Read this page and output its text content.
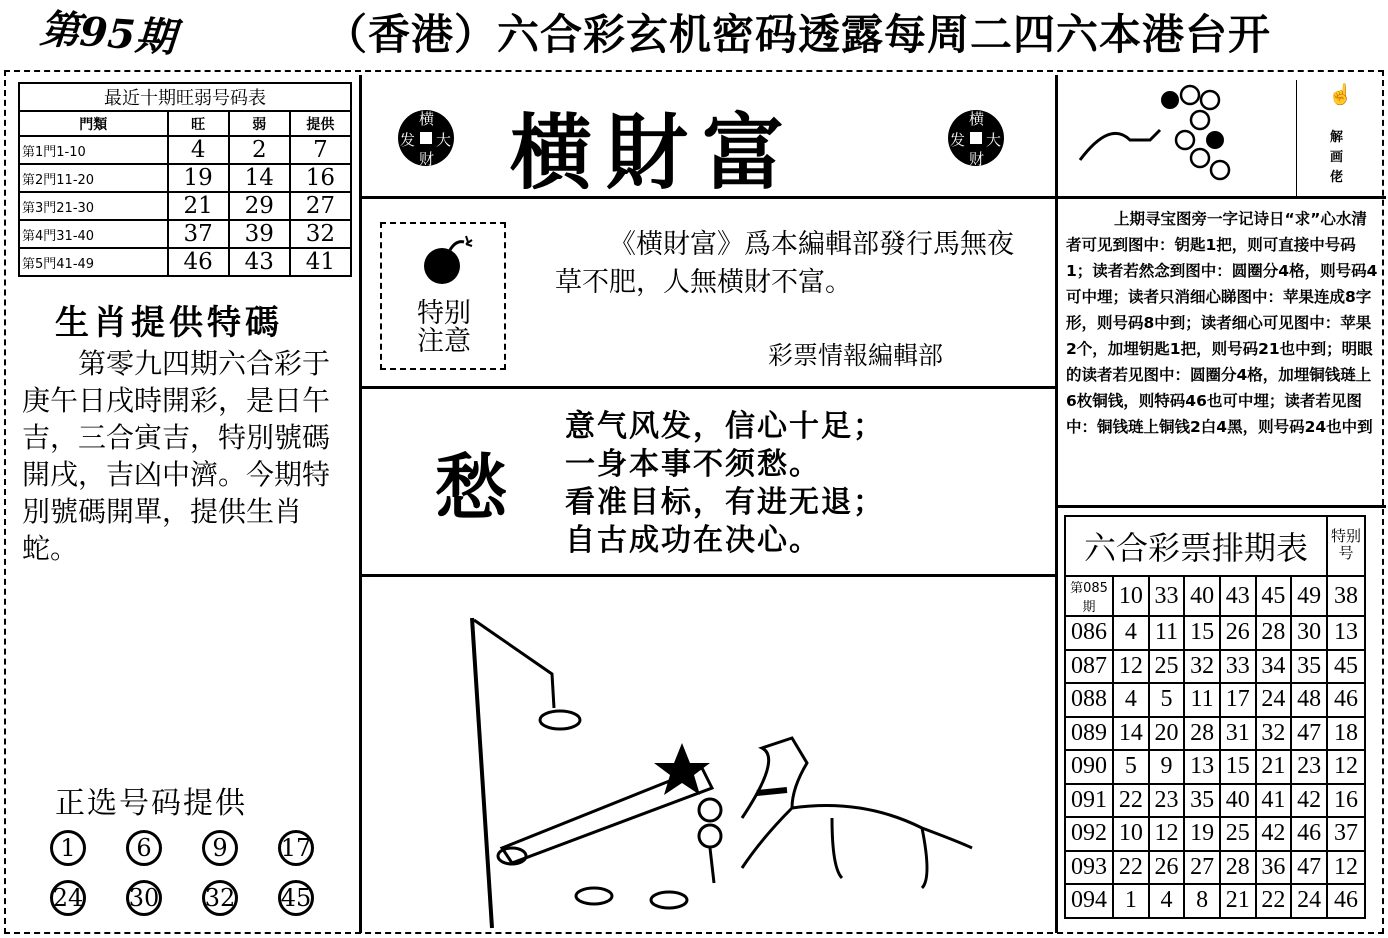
第95期	（香港）六合彩玄机密码透露每周二四六本港台开
最近十期旺弱号码表			
門類	旺	弱	提供
第1門1-10	4	2	7
第2門11-20	19	14	16
第3門21-30	21	29	27
第4門31-40	37	39	32
第5門41-49	46	43	41
生肖提供特碼
第零九四期六合彩于庚午日戌時開彩，是日午吉，三合寅吉，特別號碼開戌，吉凶中濟。今期特別號碼開單，提供生肖蛇。
正选号码提供
1	6	9	17
24 30 32 45
横財富
横
发 大
财
横
发 大
财
特别注意
《横財富》爲本編輯部發行馬無夜草不肥，人無横財不富。
彩票情報編輯部
愁
意气风发，信心十足；
一身本事不须愁。
看准目标，有进无退；
自古成功在决心。
☝
解画佬
上期寻宝图旁一字记诗日“求”心水清者可见到图中：钥匙1把，则可直接中号码1；读者若然念到图中：圆圈分4格，则号码4可中埋；读者只消细心睇图中：苹果连成8字形，则号码8中到；读者细心可见图中：苹果2个，加埋钥匙1把，则号码21也中到；明眼的读者若见图中：圆圈分4格，加埋铜钱琏上6枚铜钱，则特码46也可中埋；读者若见图中：铜钱琏上铜钱2白4黑，则号码24也中到
六合彩票排期表							特别号
第085期	10	33	40	43	45	49	38
086	4	11	15	26	28	30	13
087	12	25	32	33	34	35	45
088	4	5	11	17	24	48	46
089	14	20	28	31	32	47	18
090	5	9	13	15	21	23	12
091	22	23	35	40	41	42	16
092	10	12	19	25	42	46	37
093	22	26	27	28	36	47	12
094	1	4	8	21	22	24	46
